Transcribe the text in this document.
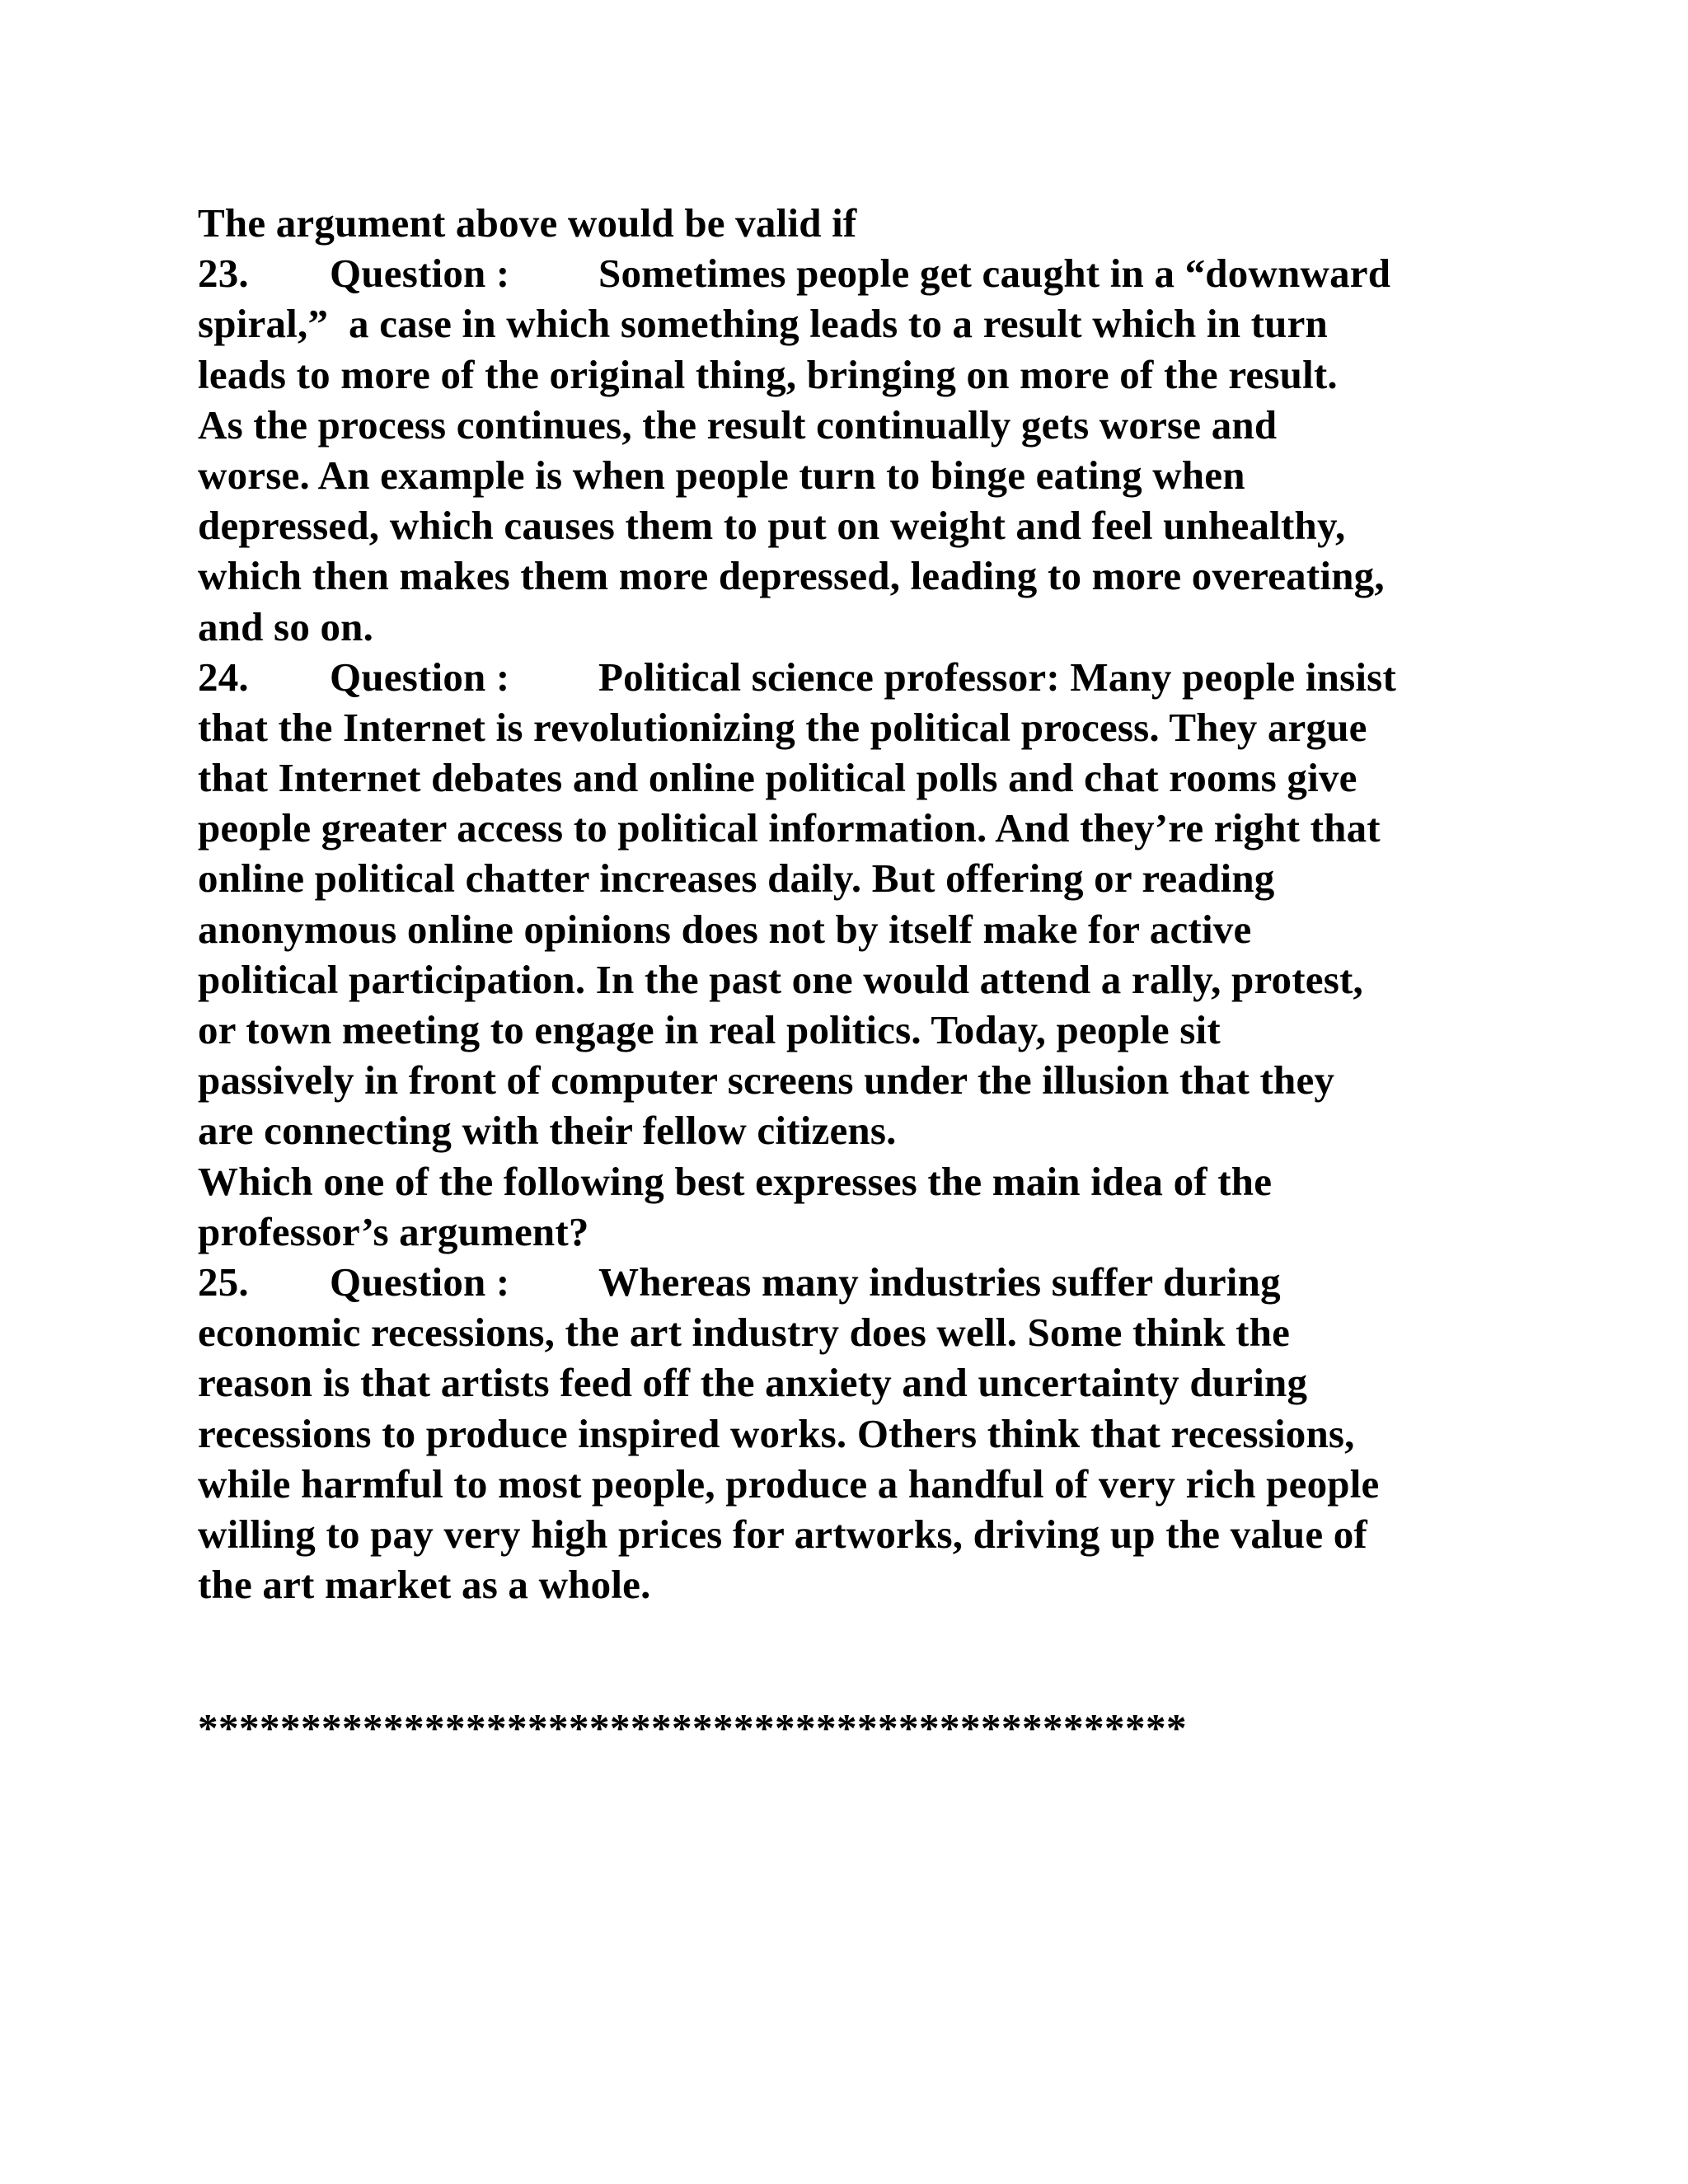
The argument above would be valid if

23.

Question :

Sometimes people get caught in a “downward

spiral,”  a case in which something leads to a result which in turn
leads to more of the original thing, bringing on more of the result.
As the process continues, the result continually gets worse and
worse. An example is when people turn to binge eating when
depressed, which causes them to put on weight and feel unhealthy,
which then makes them more depressed, leading to more overeating,
and so on.

24.

Question :

Political science professor: Many people insist

that the Internet is revolutionizing the political process. They argue
that Internet debates and online political polls and chat rooms give
people greater access to political information. And they’re right that
online political chatter increases daily. But offering or reading
anonymous online opinions does not by itself make for active
political participation. In the past one would attend a rally, protest,
or town meeting to engage in real politics. Today, people sit
passively in front of computer screens under the illusion that they
are connecting with their fellow citizens.
Which one of the following best expresses the main idea of the
professor’s argument?

25.

Question :

Whereas many industries suffer during

economic recessions, the art industry does well. Some think the
reason is that artists feed off the anxiety and uncertainty during
recessions to produce inspired works. Others think that recessions,
while harmful to most people, produce a handful of very rich people
willing to pay very high prices for artworks, driving up the value of
the art market as a whole.
************************************************
